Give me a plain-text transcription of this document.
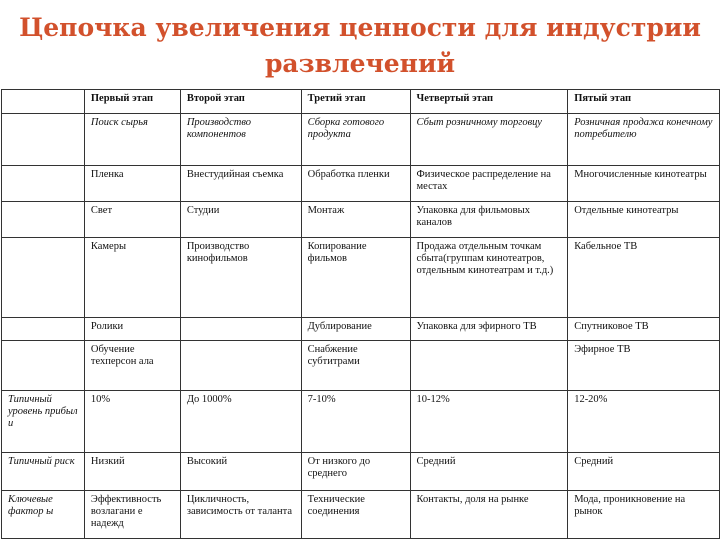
Цепочка увеличения ценности для индустрии
развлечений
	Первый этап	Второй этап	Третий этап	Четвертый этап	Пятый этап
	Поиск сырья	Производство компонентов	Сборка готового продукта	Сбыт розничному торговцу	Розничная продажа конечному потребителю
	Пленка	Внестудийная съемка	Обработка пленки	Физическое распределение на местах	Многочисленные кинотеатры
	Свет	Студии	Монтаж	Упаковка для фильмовых каналов	Отдельные кинотеатры
	Камеры	Производство кинофильмов	Копирование фильмов	Продажа отдельным точкам сбыта(группам кинотеатров, отдельным кинотеатрам и т.д.)	Кабельное ТВ
	Ролики		Дублирование	Упаковка для эфирного ТВ	Спутниковое ТВ
	Обучение техперсон ала		Снабжение субтитрами		Эфирное ТВ
Типичный уровень прибыл и	10%	До 1000%	7-10%	10-12%	12-20%
Типичный риск	Низкий	Высокий	От низкого до среднего	Средний	Средний
Ключевые фактор ы	Эффективность возлагани е надежд	Цикличность, зависимость от таланта	Технические соединения	Контакты, доля на рынке	Мода, проникновение на рынок
